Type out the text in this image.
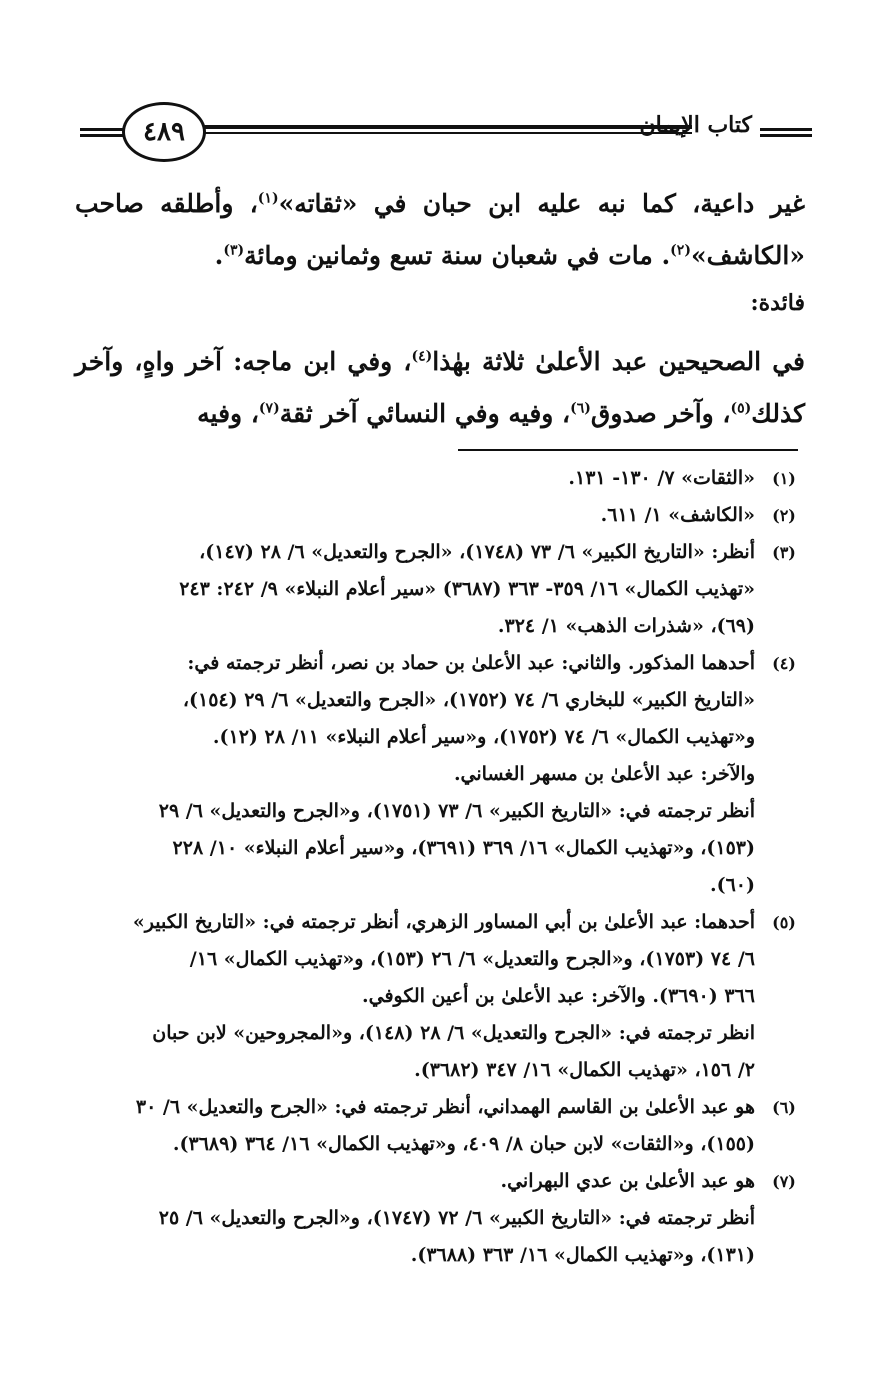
٤٨٩	كتاب الإيمان
غير داعية، كما نبه عليه ابن حبان في «ثقاته»$^{(١)}$، وأطلقه صاحب «الكاشف»$^{(٢)}$. مات في شعبان سنة تسع وثمانين ومائة$^{(٣)}$.
فائدة:
في الصحيحين عبد الأعلىٰ ثلاثة بهٰذا$^{(٤)}$، وفي ابن ماجه: آخر واهٍ، وآخر كذلك$^{(٥)}$، وآخر صدوق$^{(٦)}$، وفيه وفي النسائي آخر ثقة$^{(٧)}$، وفيه
(١)
«الثقات» ٧/ ١٣٠- ١٣١.
(٢)
«الكاشف» ١/ ٦١١.
(٣)
أنظر: «التاريخ الكبير» ٦/ ٧٣ (١٧٤٨)، «الجرح والتعديل» ٦/ ٢٨ (١٤٧)،
«تهذيب الكمال» ١٦/ ٣٥٩- ٣٦٣ (٣٦٨٧) «سير أعلام النبلاء» ٩/ ٢٤٢: ٢٤٣
(٦٩)، «شذرات الذهب» ١/ ٣٢٤.
(٤)
أحدهما المذكور. والثاني: عبد الأعلىٰ بن حماد بن نصر، أنظر ترجمته في:
«التاريخ الكبير» للبخاري ٦/ ٧٤ (١٧٥٢)، «الجرح والتعديل» ٦/ ٢٩ (١٥٤)،
و«تهذيب الكمال» ٦/ ٧٤ (١٧٥٢)، و«سير أعلام النبلاء» ١١/ ٢٨ (١٢).
والآخر: عبد الأعلىٰ بن مسهر الغساني.
أنظر ترجمته في: «التاريخ الكبير» ٦/ ٧٣ (١٧٥١)، و«الجرح والتعديل» ٦/ ٢٩
(١٥٣)، و«تهذيب الكمال» ١٦/ ٣٦٩ (٣٦٩١)، و«سير أعلام النبلاء» ١٠/ ٢٢٨
(٦٠).
(٥)
أحدهما: عبد الأعلىٰ بن أبي المساور الزهري، أنظر ترجمته في: «التاريخ الكبير»
٦/ ٧٤ (١٧٥٣)، و«الجرح والتعديل» ٦/ ٢٦ (١٥٣)، و«تهذيب الكمال» ١٦/
٣٦٦ (٣٦٩٠). والآخر: عبد الأعلىٰ بن أعين الكوفي.
انظر ترجمته في: «الجرح والتعديل» ٦/ ٢٨ (١٤٨)، و«المجروحين» لابن حبان
٢/ ١٥٦، «تهذيب الكمال» ١٦/ ٣٤٧ (٣٦٨٢).
(٦)
هو عبد الأعلىٰ بن القاسم الهمداني، أنظر ترجمته في: «الجرح والتعديل» ٦/ ٣٠
(١٥٥)، و«الثقات» لابن حبان ٨/ ٤٠٩، و«تهذيب الكمال» ١٦/ ٣٦٤ (٣٦٨٩).
(٧)
هو عبد الأعلىٰ بن عدي البهراني.
أنظر ترجمته في: «التاريخ الكبير» ٦/ ٧٢ (١٧٤٧)، و«الجرح والتعديل» ٦/ ٢٥
(١٣١)، و«تهذيب الكمال» ١٦/ ٣٦٣ (٣٦٨٨).
